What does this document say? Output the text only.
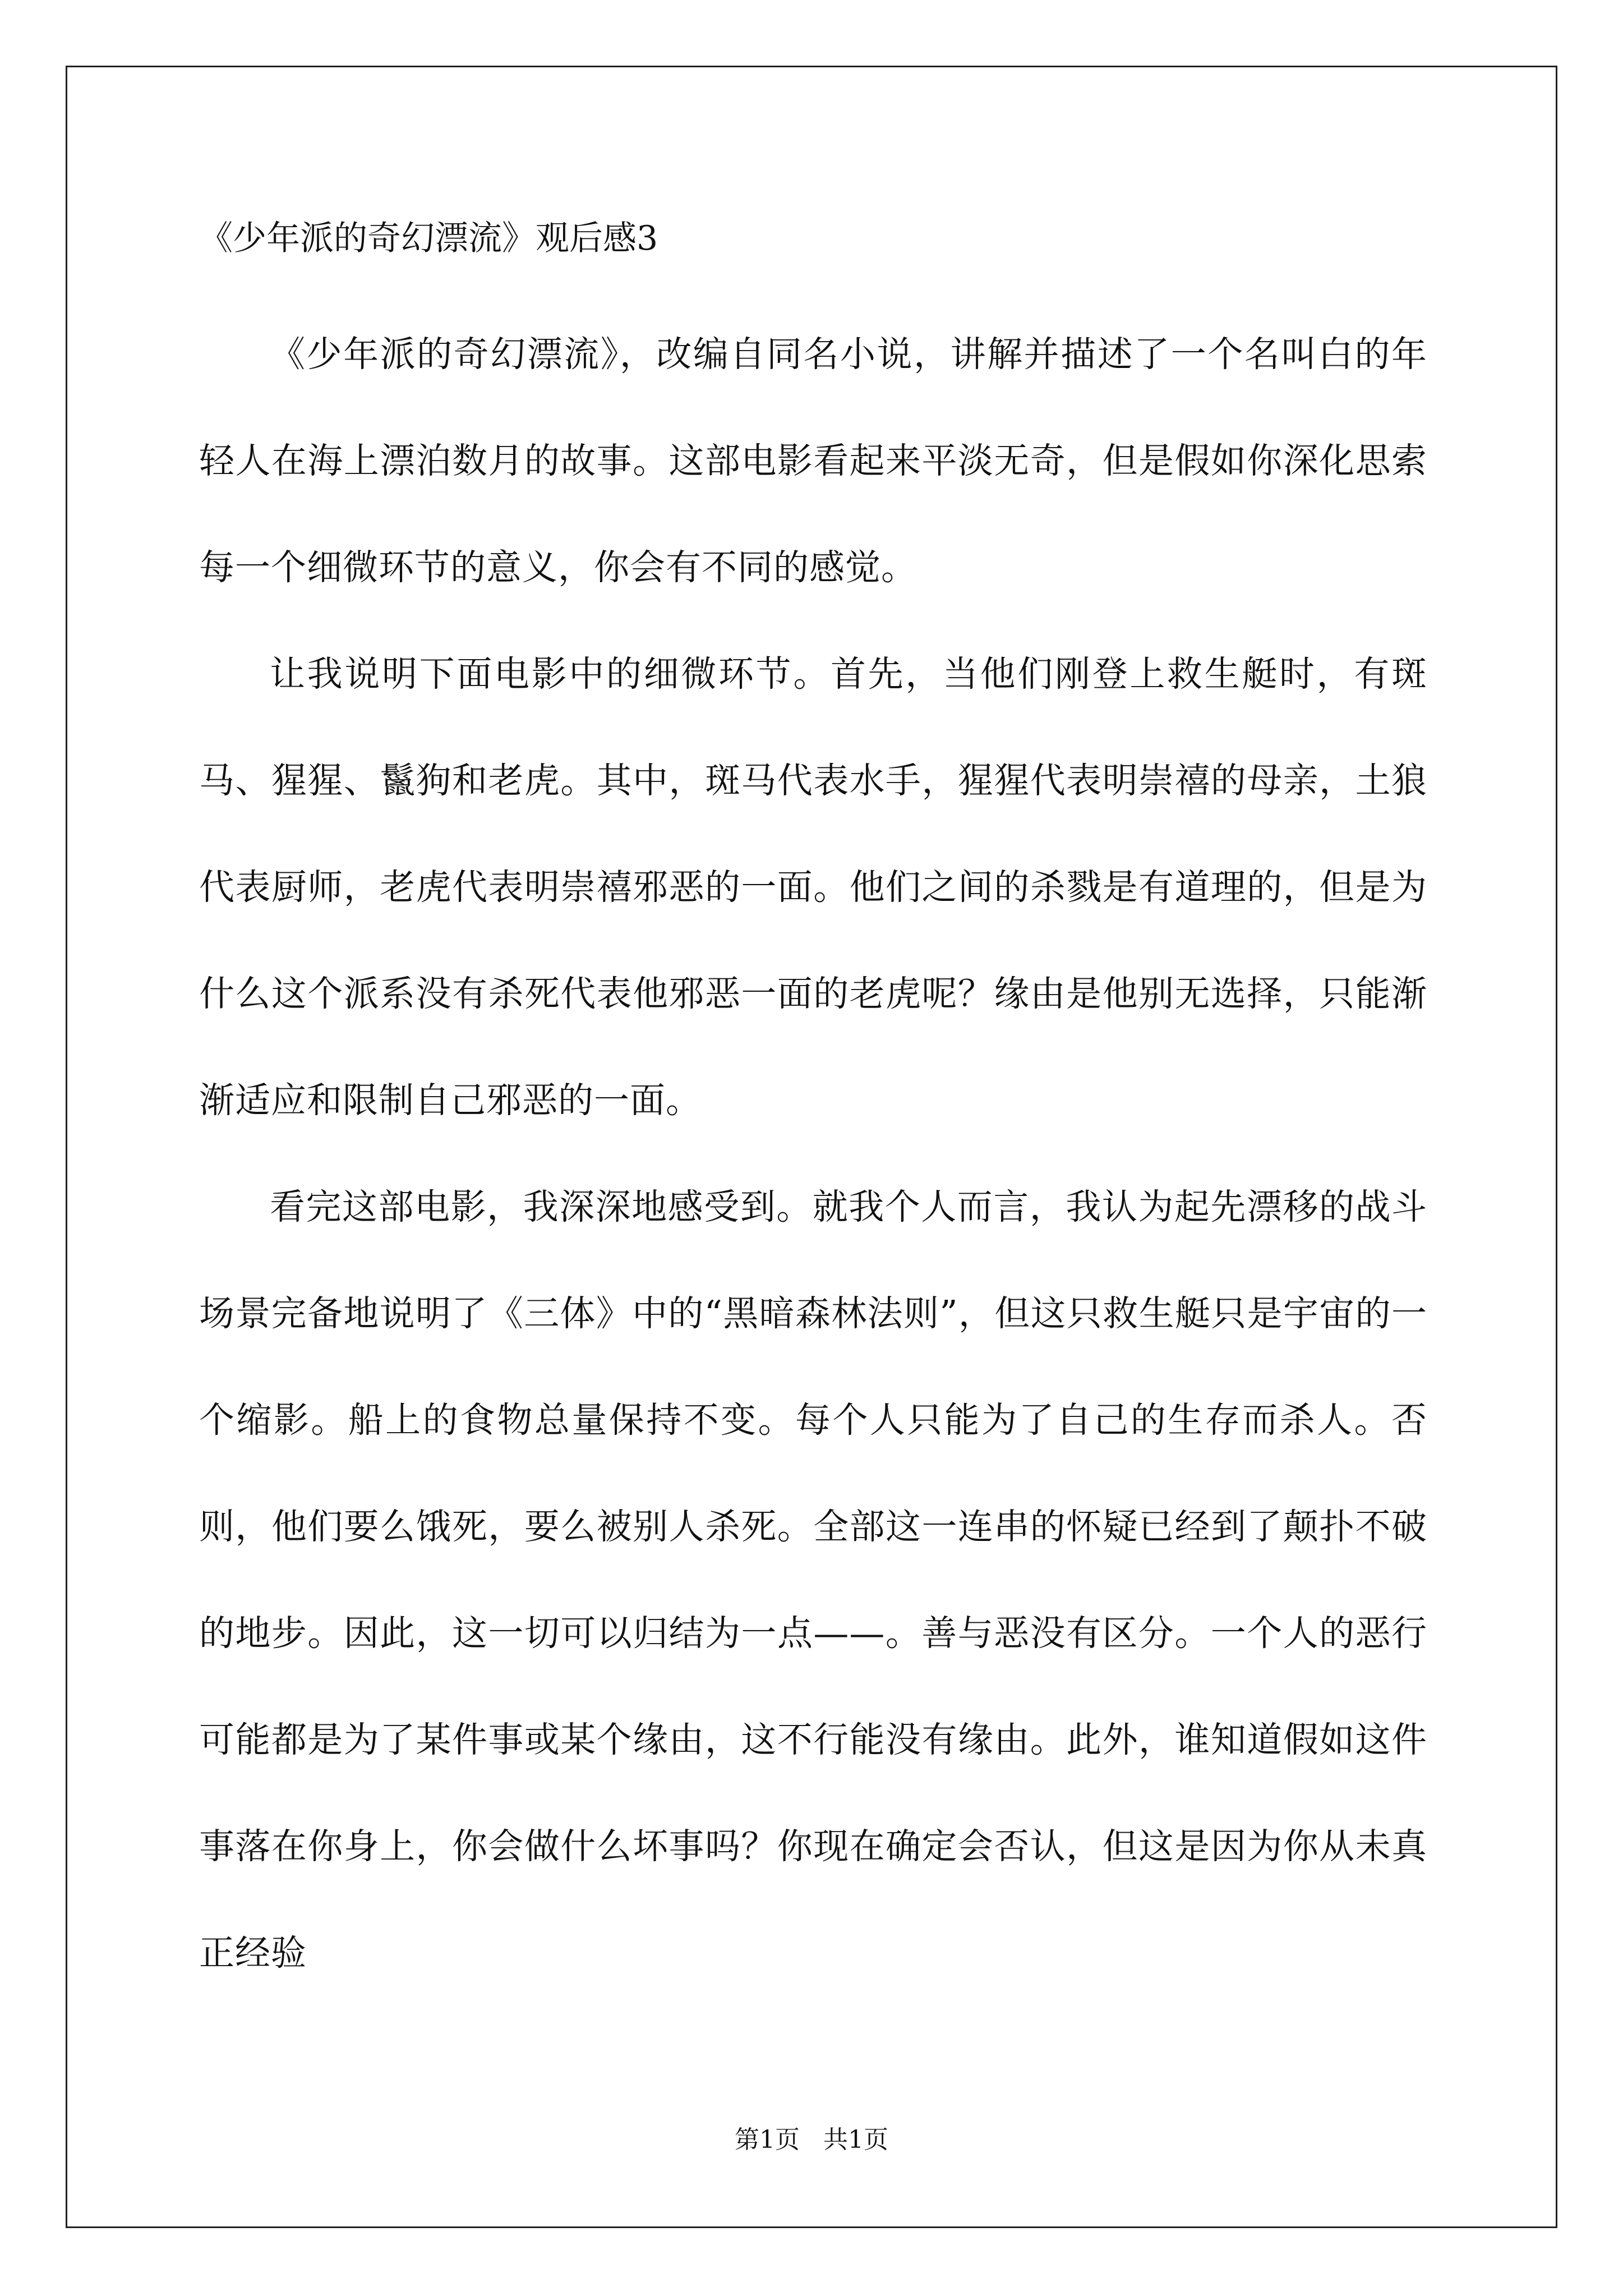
《少年派的奇幻漂流》观后感3

《少年派的奇幻漂流》，改编自同名小说，讲解并描述了一个名叫白的年轻人在海上漂泊数月的故事。这部电影看起来平淡无奇，但是假如你深化思索每一个细微环节的意义，你会有不同的感觉。

让我说明下面电影中的细微环节。首先，当他们刚登上救生艇时，有斑马、猩猩、鬣狗和老虎。其中，斑马代表水手，猩猩代表明崇禧的母亲，土狼代表厨师，老虎代表明崇禧邪恶的一面。他们之间的杀戮是有道理的，但是为什么这个派系没有杀死代表他邪恶一面的老虎呢？缘由是他别无选择，只能渐渐适应和限制自己邪恶的一面。

看完这部电影，我深深地感受到。就我个人而言，我认为起先漂移的战斗场景完备地说明了《三体》中的“黑暗森林法则”，但这只救生艇只是宇宙的一个缩影。船上的食物总量保持不变。每个人只能为了自己的生存而杀人。否则，他们要么饿死，要么被别人杀死。全部这一连串的怀疑已经到了颠扑不破的地步。因此，这一切可以归结为一点——。善与恶没有区分。一个人的恶行可能都是为了某件事或某个缘由，这不行能没有缘由。此外，谁知道假如这件事落在你身上，你会做什么坏事吗？你现在确定会否认，但这是因为你从未真正经验

第1页   共1页
